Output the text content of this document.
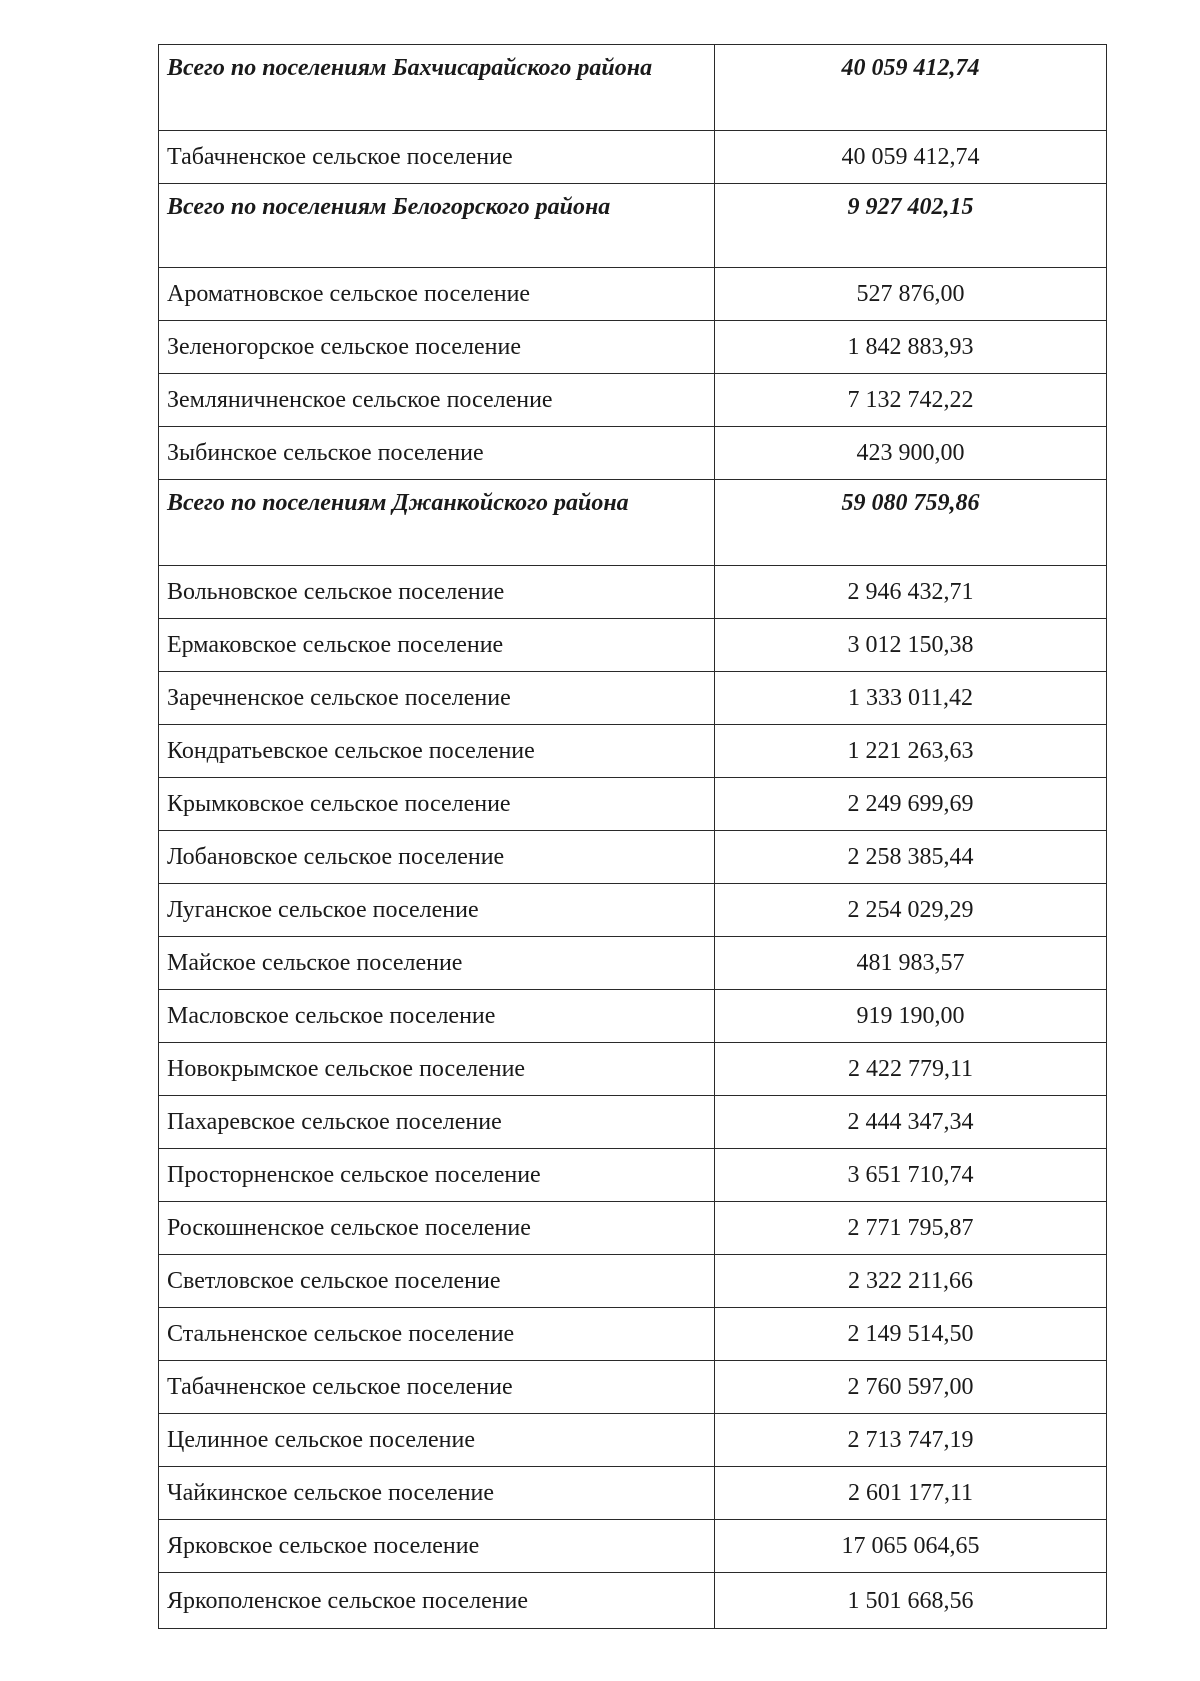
Всего по поселениям Бахчисарайского района	40 059 412,74
Табачненское сельское поселение	40 059 412,74
Всего по поселениям Белогорского района	9 927 402,15
Ароматновское сельское поселение	527 876,00
Зеленогорское сельское поселение	1 842 883,93
Земляничненское сельское поселение	7 132 742,22
Зыбинское сельское поселение	423 900,00
Всего по поселениям Джанкойского района	59 080 759,86
Вольновское сельское поселение	2 946 432,71
Ермаковское сельское поселение	3 012 150,38
Заречненское сельское поселение	1 333 011,42
Кондратьевское сельское поселение	1 221 263,63
Крымковское сельское поселение	2 249 699,69
Лобановское сельское поселение	2 258 385,44
Луганское сельское поселение	2 254 029,29
Майское сельское поселение	481 983,57
Масловское сельское поселение	919 190,00
Новокрымское сельское поселение	2 422 779,11
Пахаревское сельское поселение	2 444 347,34
Просторненское сельское поселение	3 651 710,74
Роскошненское сельское поселение	2 771 795,87
Светловское сельское поселение	2 322 211,66
Стальненское сельское поселение	2 149 514,50
Табачненское сельское поселение	2 760 597,00
Целинное сельское поселение	2 713 747,19
Чайкинское сельское поселение	2 601 177,11
Ярковское сельское поселение	17 065 064,65
Яркополенское сельское поселение	1 501 668,56
